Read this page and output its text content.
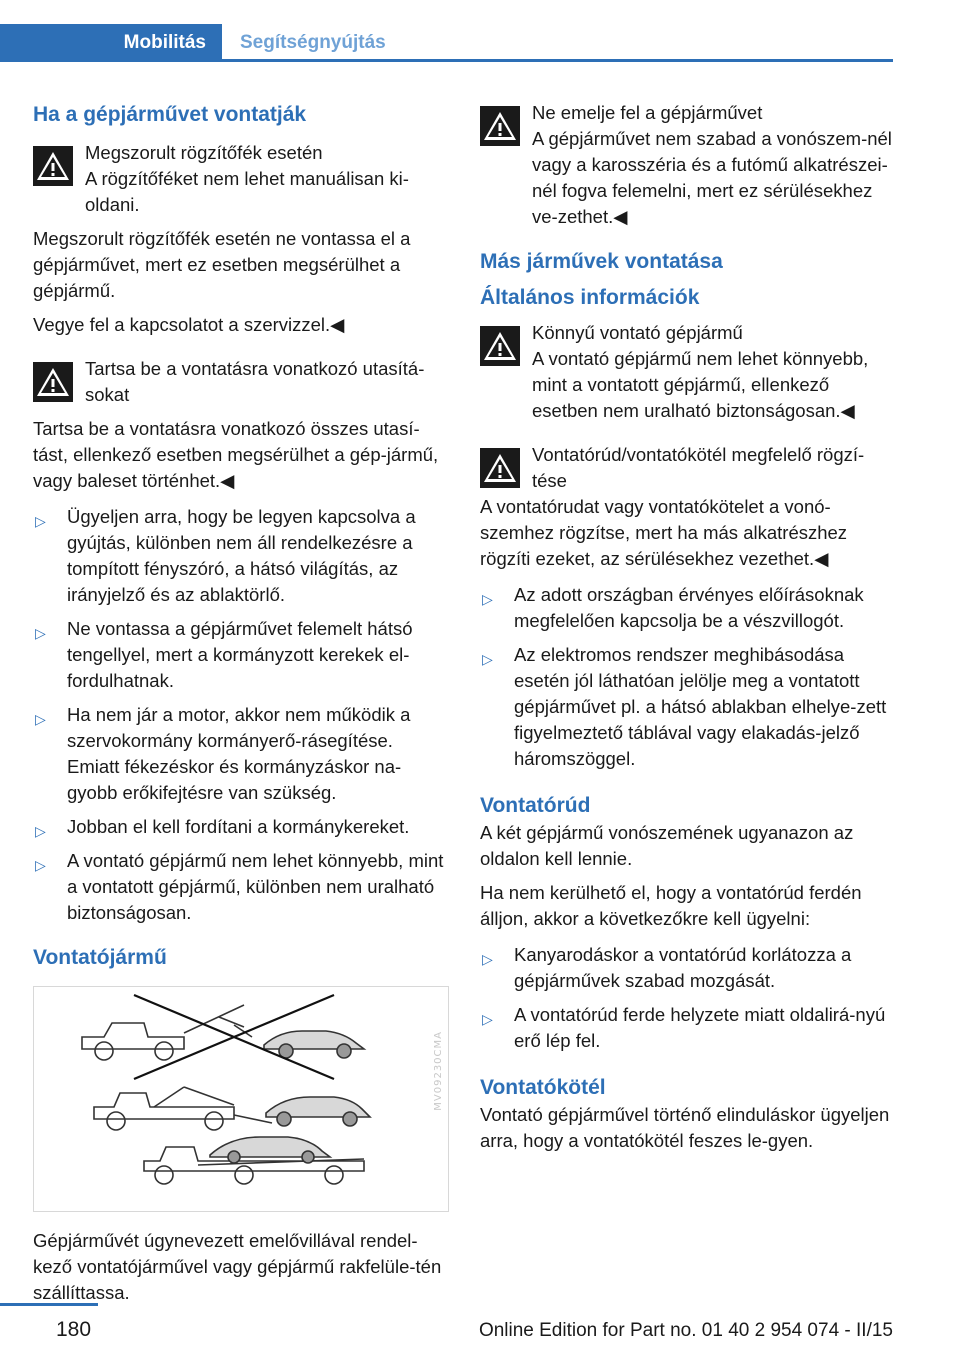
Mobilitás	Segítségnyújtás
Ha a gépjárművet vontatják

Megszorult rögzítőfék esetén

A rögzítőféket nem lehet manuálisan ki-oldani.

Megszorult rögzítőfék esetén ne vontassa el a gépjárművet, mert ez esetben megsérülhet a gépjármű.

Vegye fel a kapcsolatot a szervizzel.◀

Tartsa be a vontatásra vonatkozó utasítá-sokat

Tartsa be a vontatásra vonatkozó összes utasí-tást, ellenkező esetben megsérülhet a gép-jármű, vagy baleset történhet.◀

▷ Ügyeljen arra, hogy be legyen kapcsolva a gyújtás, különben nem áll rendelkezésre a tompított fényszóró, a hátsó világítás, az irányjelző és az ablaktörlő.
▷ Ne vontassa a gépjárművet felemelt hátsó tengellyel, mert a kormányzott kerekek el-fordulhatnak.
▷ Ha nem jár a motor, akkor nem működik a szervokormány kormányerő-rásegítése. Emiatt fékezéskor és kormányzáskor na-gyobb erőkifejtésre van szükség.
▷ Jobban el kell fordítani a kormánykereket.
▷ A vontató gépjármű nem lehet könnyebb, mint a vontatott gépjármű, különben nem uralható biztonságosan.
Vontatójármű
MV09230CMA

Gépjárművét úgynevezett emelővillával rendel-kező vontatójárművel vagy gépjármű rakfelüle-tén szállíttassa.

Ne emelje fel a gépjárművet

A gépjárművet nem szabad a vonószem-nél vagy a karosszéria és a futómű alkatrészei-nél fogva felemelni, mert ez sérülésekhez ve-zethet.◀

Más járművek vontatása
Általános információk

Könnyű vontató gépjármű

A vontató gépjármű nem lehet könnyebb, mint a vontatott gépjármű, ellenkező esetben nem uralható biztonságosan.◀

Vontatórúd/vontatókötél megfelelő rögzí-tése

A vontatórudat vagy vontatókötelet a vonó-szemhez rögzítse, mert ha más alkatrészhez rögzíti ezeket, az sérülésekhez vezethet.◀

▷ Az adott országban érvényes előírásoknak megfelelően kapcsolja be a vészvillogót.
▷ Az elektromos rendszer meghibásodása esetén jól láthatóan jelölje meg a vontatott gépjárművet pl. a hátsó ablakban elhelye-zett figyelmeztető táblával vagy elakadás-jelző háromszöggel.
Vontatórúd

A két gépjármű vonószemének ugyanazon az oldalon kell lennie.

Ha nem kerülhető el, hogy a vontatórúd ferdén álljon, akkor a következőkre kell ügyelni:

▷ Kanyarodáskor a vontatórúd korlátozza a gépjárművek szabad mozgását.
▷ A vontatórúd ferde helyzete miatt oldalirá-nyú erő lép fel.
Vontatókötél

Vontató gépjárművel történő elinduláskor ügyeljen arra, hogy a vontatókötél feszes le-gyen.

180	Online Edition for Part no. 01 40 2 954 074 - II/15
